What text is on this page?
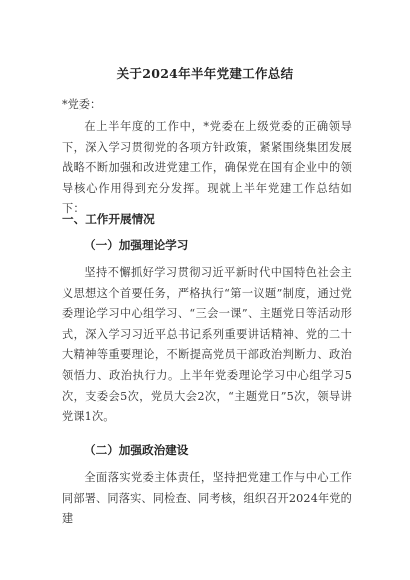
关于2024年半年党建工作总结
*党委：
在上半年度的工作中，*党委在上级党委的正确领导下，深入学习贯彻党的各项方针政策，紧紧围绕集团发展战略不断加强和改进党建工作，确保党在国有企业中的领导核心作用得到充分发挥。现就上半年党建工作总结如下：
一、工作开展情况
（一）加强理论学习
坚持不懈抓好学习贯彻习近平新时代中国特色社会主义思想这个首要任务，严格执行“第一议题”制度，通过党委理论学习中心组学习、“三会一课”、主题党日等活动形式，深入学习习近平总书记系列重要讲话精神、党的二十大精神等重要理论，不断提高党员干部政治判断力、政治领悟力、政治执行力。上半年党委理论学习中心组学习5次，支委会5次，党员大会2次，“主题党日”5次，领导讲党课1次。
（二）加强政治建设
全面落实党委主体责任，坚持把党建工作与中心工作同部署、同落实、同检查、同考核，组织召开2024年党的建
